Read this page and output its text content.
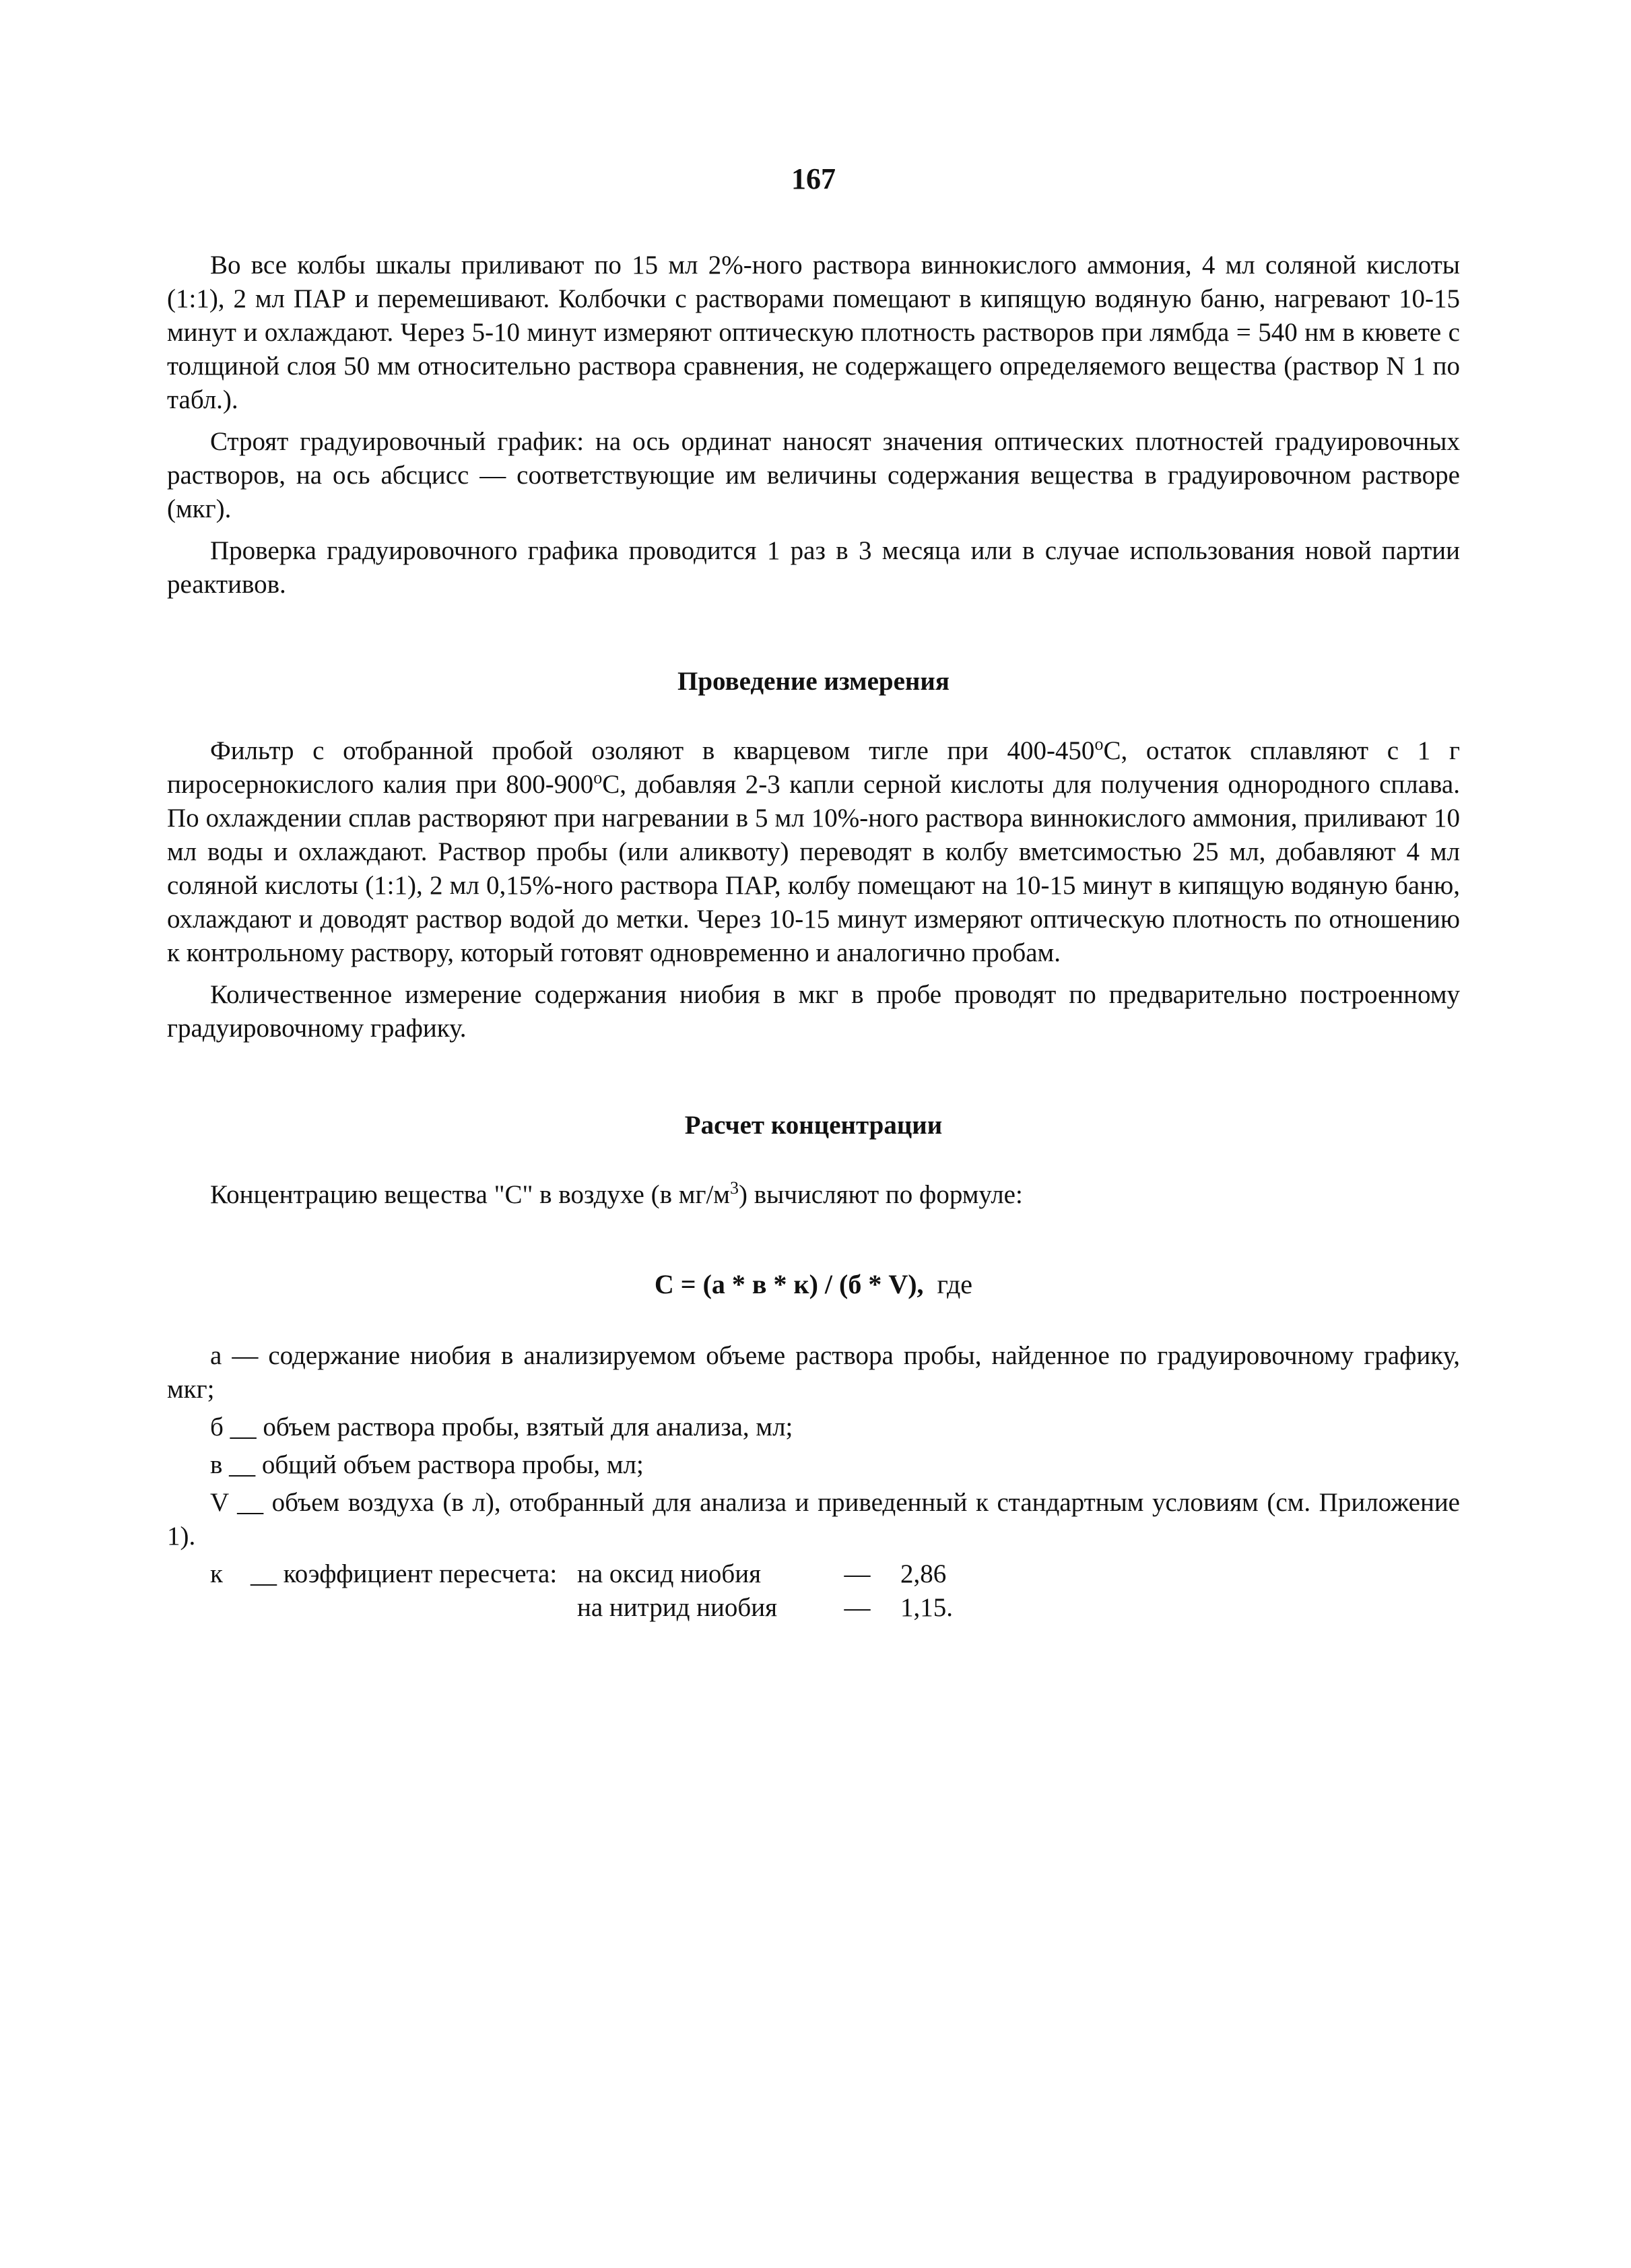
167

Во все колбы шкалы приливают по 15 мл 2%-ного раствора виннокислого аммония, 4 мл соляной кислоты (1:1), 2 мл ПАР и перемешивают. Колбочки с растворами помещают в кипящую водяную баню, нагревают 10-15 минут и охлаждают. Через 5-10 минут измеряют оптическую плотность растворов при лямбда = 540 нм в кювете с толщиной слоя 50 мм относительно раствора сравнения, не содержащего определяемого вещества (раствор N 1 по табл.).

Строят градуировочный график: на ось ординат наносят значения оптических плотностей градуировочных растворов, на ось абсцисс — соответствующие им величины содержания вещества в градуировочном растворе (мкг).

Проверка градуировочного графика проводится 1 раз в 3 месяца или в случае использования новой партии реактивов.

Проведение измерения

Фильтр с отобранной пробой озоляют в кварцевом тигле при $400-450^оС$, остаток сплавляют с 1 г пиросернокислого калия при $800-900^оС$, добавляя 2-3 капли серной кислоты для получения однородного сплава. По охлаждении сплав растворяют при нагревании в 5 мл 10%-ного раствора виннокислого аммония, приливают 10 мл воды и охлаждают. Раствор пробы (или аликвоту) переводят в колбу вметсимостью 25 мл, добавляют 4 мл соляной кислоты (1:1), 2 мл 0,15%-ного раствора ПАР, колбу помещают на 10-15 минут в кипящую водяную баню, охлаждают и доводят раствор водой до метки. Через 10-15 минут измеряют оптическую плотность по отношению к контрольному раствору, который готовят одновременно и аналогично пробам.

Количественное измерение содержания ниобия в мкг в пробе проводят по предварительно построенному градуировочному графику.

Расчет концентрации

Концентрацию вещества "С" в воздухе (в $мг/м^3$) вычисляют по формуле:

С = (а * в * к) / (б * V),  где

а — содержание ниобия в анализируемом объеме раствора пробы, найденное по градуировочному графику, мкг;

б __ объем раствора пробы, взятый для анализа, мл;

в __ общий объем раствора пробы, мл;

V __ объем воздуха (в л), отобранный для анализа и приведенный к стандартным условиям (см. Приложение 1).

к	__ коэффициент пересчета: на оксид ниобия	—	2,86
на нитрид ниобия	—	1,15.
